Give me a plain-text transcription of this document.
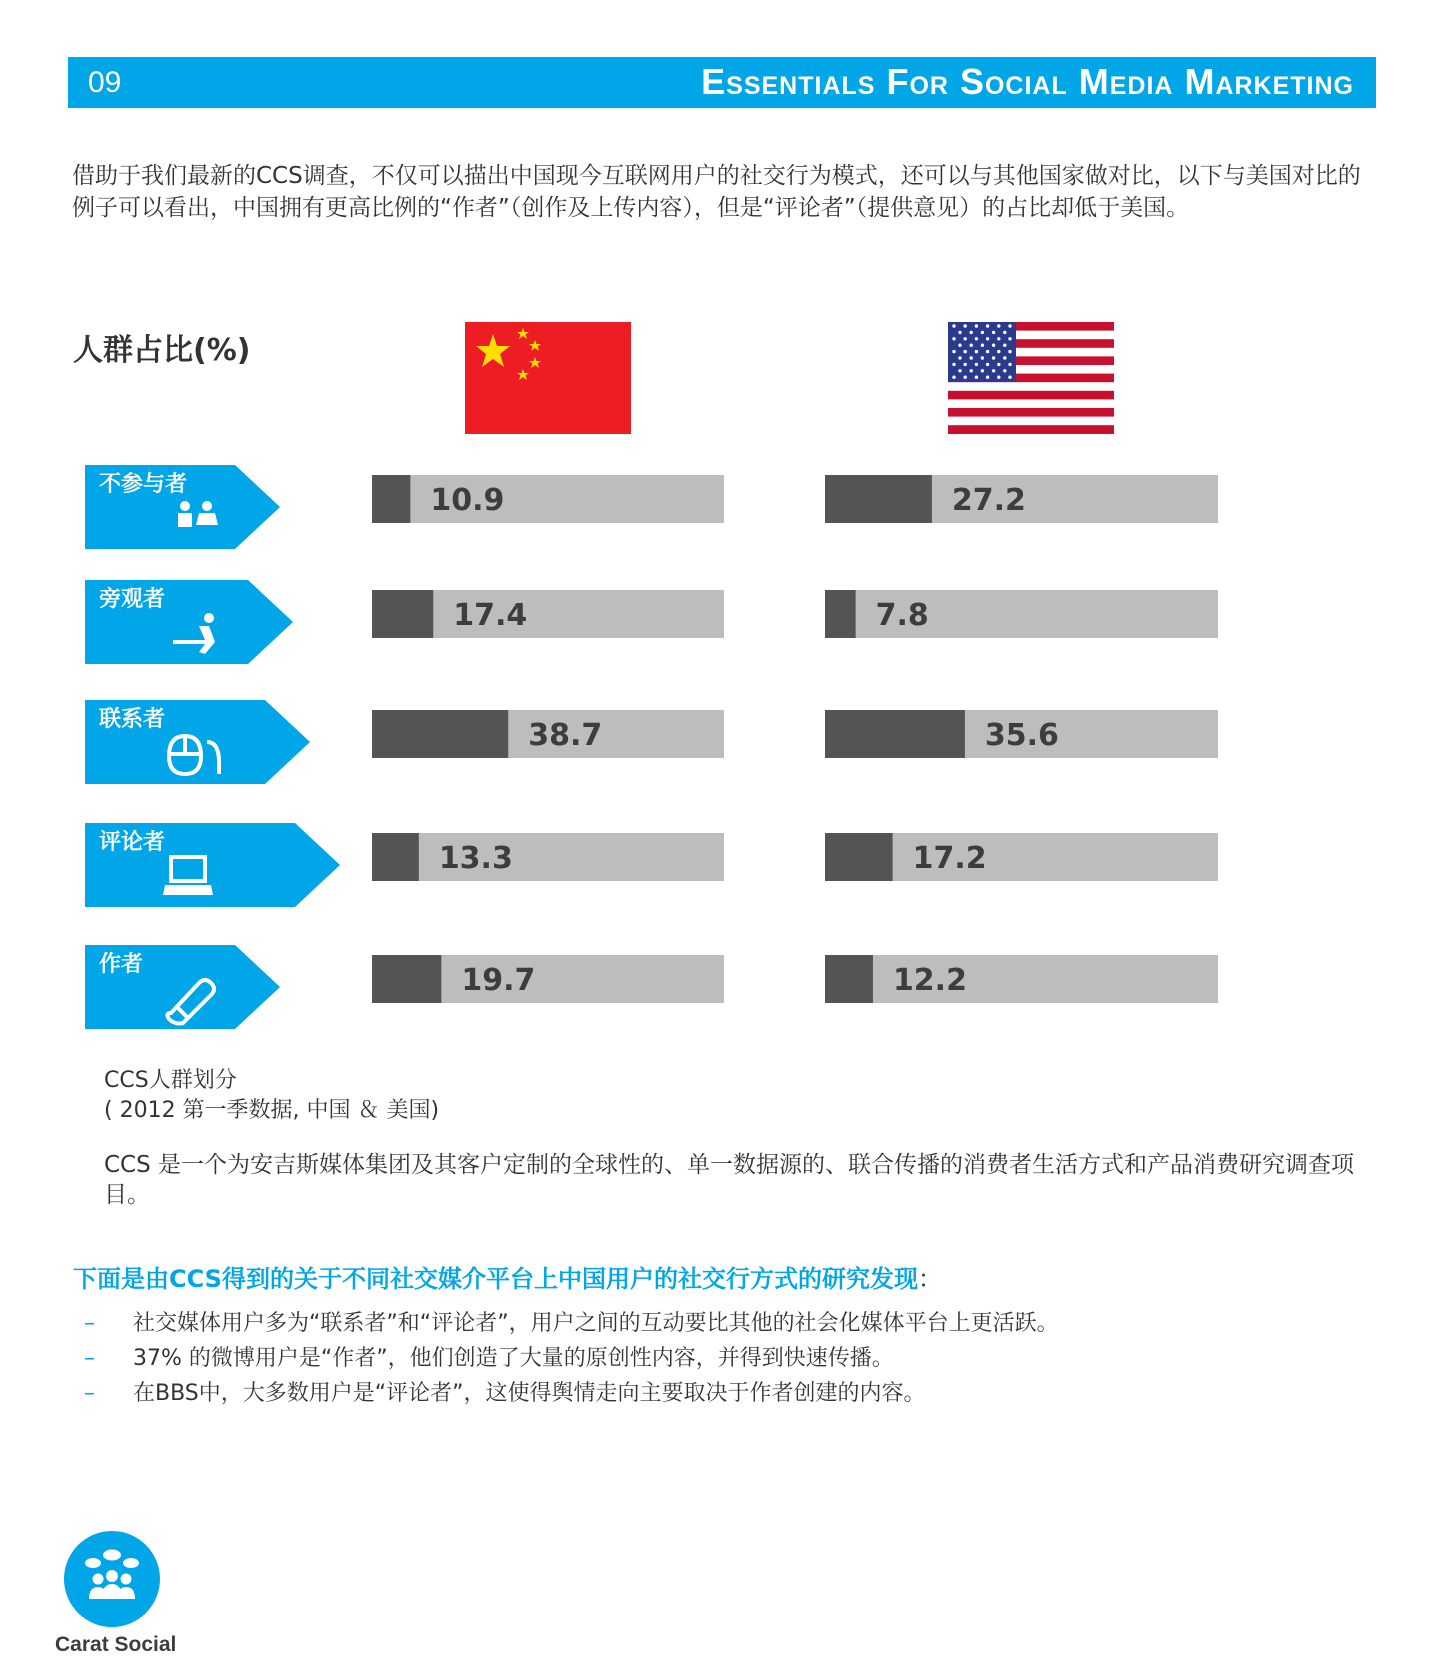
09	Essentials For Social Media Marketing
借助于我们最新的CCS调查，不仅可以描出中国现今互联网用户的社交行为模式，还可以与其他国家做对比，以下与美国对比的例子可以看出，中国拥有更高比例的“作者”（创作及上传内容），但是“评论者”（提供意见）的占比却低于美国。
人群占比(%)
不参与者	10.9	27.2
旁观者	17.4	7.8
联系者	38.7	35.6
评论者	13.3	17.2
作者	19.7	12.2
CCS人群划分
( 2012 第一季数据, 中国 ＆ 美国)
CCS 是一个为安吉斯媒体集团及其客户定制的全球性的、单一数据源的、联合传播的消费者生活方式和产品消费研究调查项目。
下面是由CCS得到的关于不同社交媒介平台上中国用户的社交行方式的研究发现：
– 社交媒体用户多为“联系者”和“评论者”，用户之间的互动要比其他的社会化媒体平台上更活跃。
– 37% 的微博用户是“作者”，他们创造了大量的原创性内容，并得到快速传播。
– 在BBS中，大多数用户是“评论者”，这使得舆情走向主要取决于作者创建的内容。
Carat Social
